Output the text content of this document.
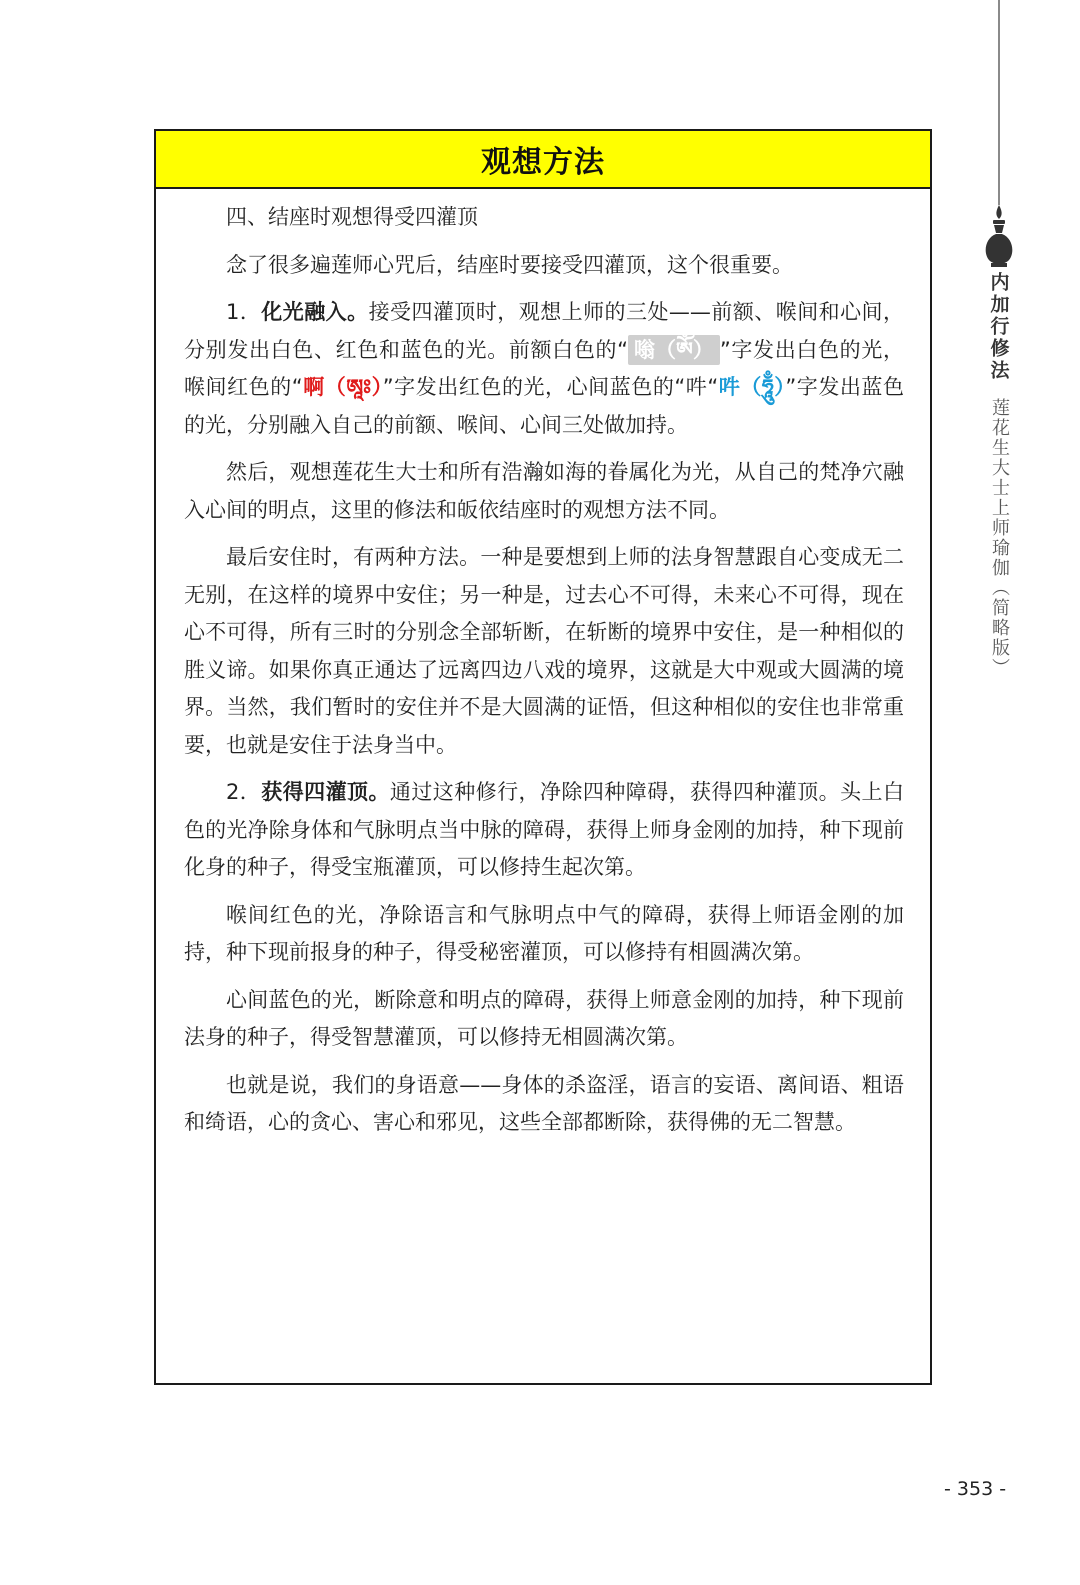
内加行修法
莲花生大士上师瑜伽（简略版）
观想方法
四、结座时观想得受四灌顶

念了很多遍莲师心咒后，结座时要接受四灌顶，这个很重要。

1．化光融入。接受四灌顶时，观想上师的三处——前额、喉间和心间，分别发出白色、红色和蓝色的光。前额白色的“ 嗡（ཨོཾ） ”字发出白色的光，喉间红色的“啊（ཨཱཿ）”字发出红色的光，心间蓝色的“吽“吽（ཧཱུྃ）”字发出蓝色的光，分别融入自己的前额、喉间、心间三处做加持。

然后，观想莲花生大士和所有浩瀚如海的眷属化为光，从自己的梵净穴融入心间的明点，这里的修法和皈依结座时的观想方法不同。

最后安住时，有两种方法。一种是要想到上师的法身智慧跟自心变成无二无别，在这样的境界中安住；另一种是，过去心不可得，未来心不可得，现在心不可得，所有三时的分别念全部斩断，在斩断的境界中安住，是一种相似的胜义谛。如果你真正通达了远离四边八戏的境界，这就是大中观或大圆满的境界。当然，我们暂时的安住并不是大圆满的证悟，但这种相似的安住也非常重要，也就是安住于法身当中。

2．获得四灌顶。通过这种修行，净除四种障碍，获得四种灌顶。头上白色的光净除身体和气脉明点当中脉的障碍，获得上师身金刚的加持，种下现前化身的种子，得受宝瓶灌顶，可以修持生起次第。

喉间红色的光，净除语言和气脉明点中气的障碍，获得上师语金刚的加持，种下现前报身的种子，得受秘密灌顶，可以修持有相圆满次第。

心间蓝色的光，断除意和明点的障碍，获得上师意金刚的加持，种下现前法身的种子，得受智慧灌顶，可以修持无相圆满次第。

也就是说，我们的身语意——身体的杀盗淫，语言的妄语、离间语、粗语和绮语，心的贪心、害心和邪见，这些全部都断除，获得佛的无二智慧。

- 353 -
